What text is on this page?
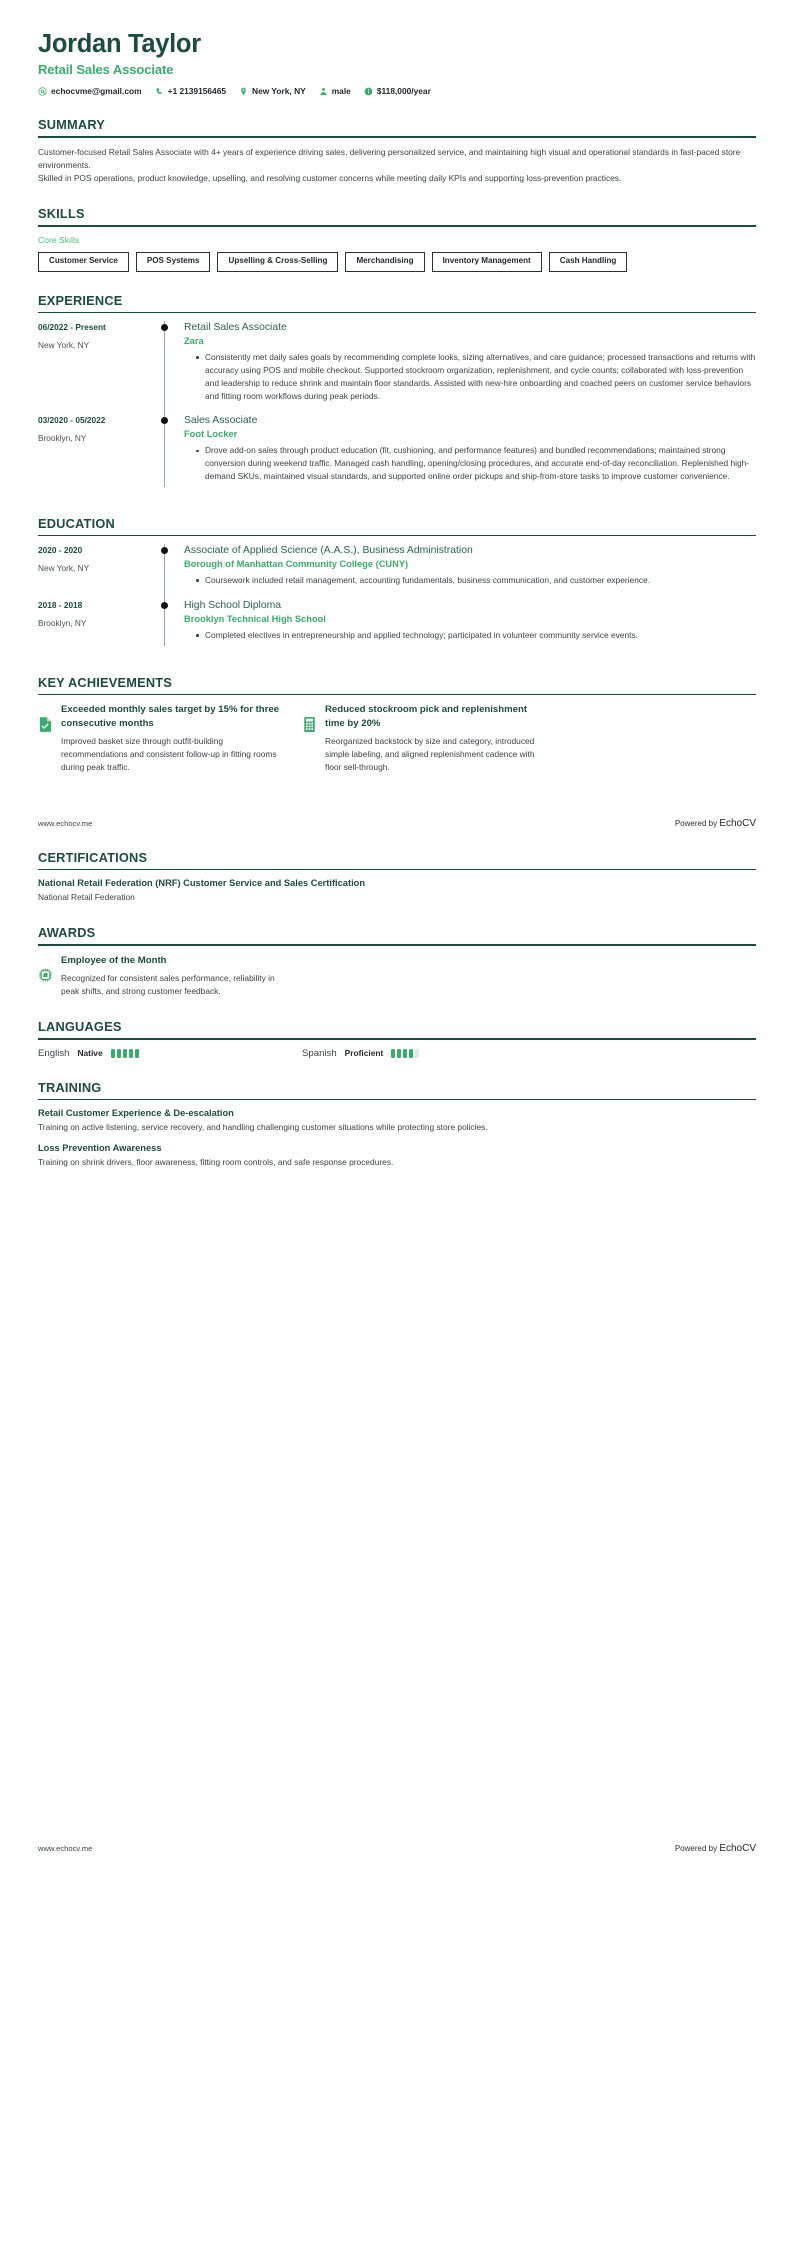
Jordan Taylor
Retail Sales Associate
echocvme@gmail.com	+1 2139156465	New York, NY	male	$118,000/year
SUMMARY

Customer-focused Retail Sales Associate with 4+ years of experience driving sales, delivering personalized service, and maintaining high visual and operational standards in fast-paced store environments.

Skilled in POS operations, product knowledge, upselling, and resolving customer concerns while meeting daily KPIs and supporting loss-prevention practices.

SKILLS
Core Skills
Customer Service	POS Systems	Upselling & Cross-Selling	Merchandising	Inventory Management	Cash Handling
EXPERIENCE
06/2022 - Present
New York, NY
Retail Sales Associate
Zara
Consistently met daily sales goals by recommending complete looks, sizing alternatives, and care guidance; processed transactions and returns with accuracy using POS and mobile checkout. Supported stockroom organization, replenishment, and cycle counts; collaborated with loss-prevention and leadership to reduce shrink and maintain floor standards. Assisted with new-hire onboarding and coached peers on customer service behaviors and fitting room workflows during peak periods.
03/2020 - 05/2022
Brooklyn, NY
Sales Associate
Foot Locker
Drove add-on sales through product education (fit, cushioning, and performance features) and bundled recommendations; maintained strong conversion during weekend traffic. Managed cash handling, opening/closing procedures, and accurate end-of-day reconciliation. Replenished high-demand SKUs, maintained visual standards, and supported online order pickups and ship-from-store tasks to improve customer convenience.
EDUCATION
2020 - 2020
New York, NY
Associate of Applied Science (A.A.S.), Business Administration
Borough of Manhattan Community College (CUNY)
Coursework included retail management, accounting fundamentals, business communication, and customer experience.
2018 - 2018
Brooklyn, NY
High School Diploma
Brooklyn Technical High School
Completed electives in entrepreneurship and applied technology; participated in volunteer community service events.
KEY ACHIEVEMENTS
Exceeded monthly sales target by 15% for three consecutive months
Improved basket size through outfit-building recommendations and consistent follow-up in fitting rooms during peak traffic.
Reduced stockroom pick and replenishment time by 20%
Reorganized backstock by size and category, introduced simple labeling, and aligned replenishment cadence with floor sell-through.
www.echocv.me	Powered by EchoCV
CERTIFICATIONS
National Retail Federation (NRF) Customer Service and Sales Certification
National Retail Federation
AWARDS
Employee of the Month
Recognized for consistent sales performance, reliability in peak shifts, and strong customer feedback.
LANGUAGES
English Native	Spanish Proficient
TRAINING
Retail Customer Experience & De-escalation
Training on active listening, service recovery, and handling challenging customer situations while protecting store policies.
Loss Prevention Awareness
Training on shrink drivers, floor awareness, fitting room controls, and safe response procedures.
www.echocv.me	Powered by EchoCV
